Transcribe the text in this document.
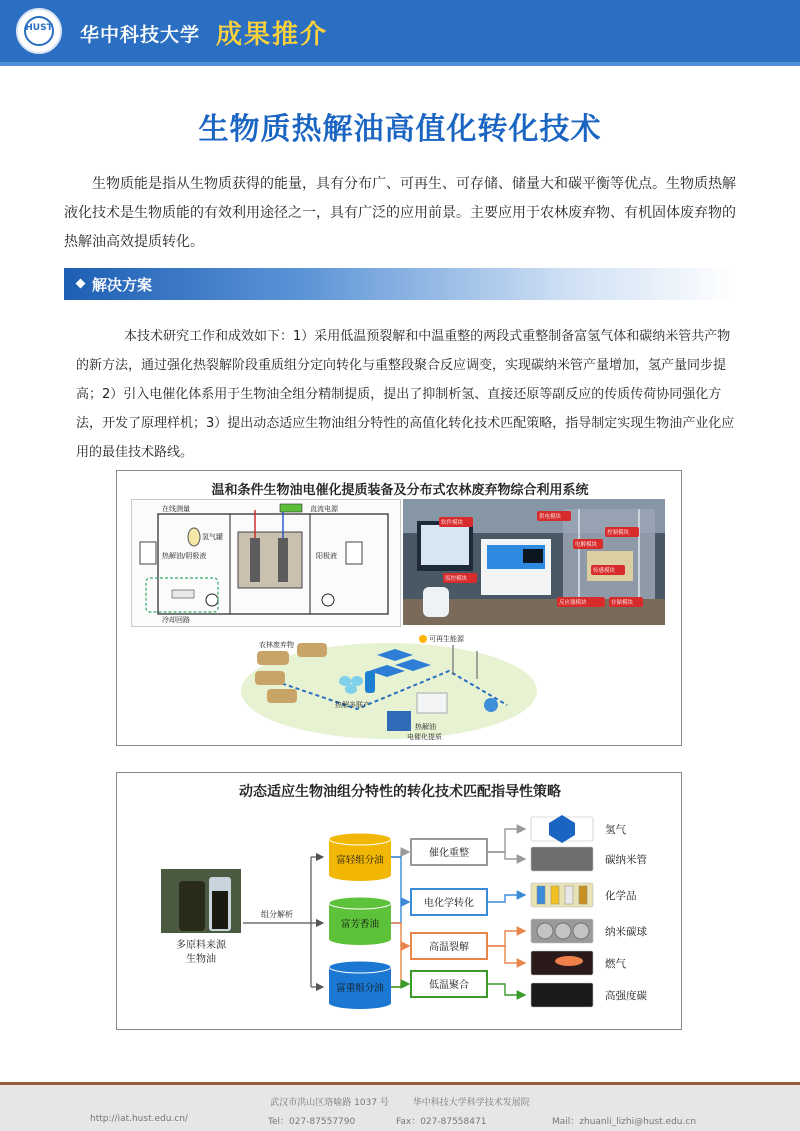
HUST	华中科技大学 成果推介
生物质热解油高值化转化技术

生物质能是指从生物质获得的能量，具有分布广、可再生、可存储、储量大和碳平衡等优点。生物质热解液化技术是生物质能的有效利用途径之一，具有广泛的应用前景。主要应用于农林废弃物、有机固体废弃物的热解油高效提质转化。

解决方案

本技术研究工作和成效如下：1）采用低温预裂解和中温重整的两段式重整制备富氢气体和碳纳米管共产物的新方法，通过强化热裂解阶段重质组分定向转化与重整段聚合反应调变，实现碳纳米管产量增加，氢产量同步提高；2）引入电催化体系用于生物油全组分精制提质，提出了抑制析氢、直接还原等副反应的传质传荷协同强化方法，开发了原理样机；3）提出动态适应生物油组分特性的高值化转化技术匹配策略，指导制定实现生物油产业化应用的最佳技术路线。

温和条件生物油电催化提质装备及分布式农林废弃物综合利用系统
在线测量	直流电源
氢气罐
热解油/阴极液	阳极液
冷却回路
软件模块
供电模块
电解模块
控制模块
监控模块
传感模块
反应器模块	存储模块
农林废弃物
可再生能源
热解多联产
热解油
电催化提质
动态适应生物油组分特性的转化技术匹配指导性策略
多原料来源
生物油
组分解析
富轻组分油
富芳香油
富重组分油
催化重整
电化学转化
高温裂解
低温聚合
氢气
碳纳米管
化学品
纳米碳球
燃气
高强度碳
武汉市洪山区珞喻路 1037 号	华中科技大学科学技术发展院
http://iat.hust.edu.cn/	Tel：027-87557790	Fax：027-87558471	Mail：zhuanli_lizhi@hust.edu.cn
